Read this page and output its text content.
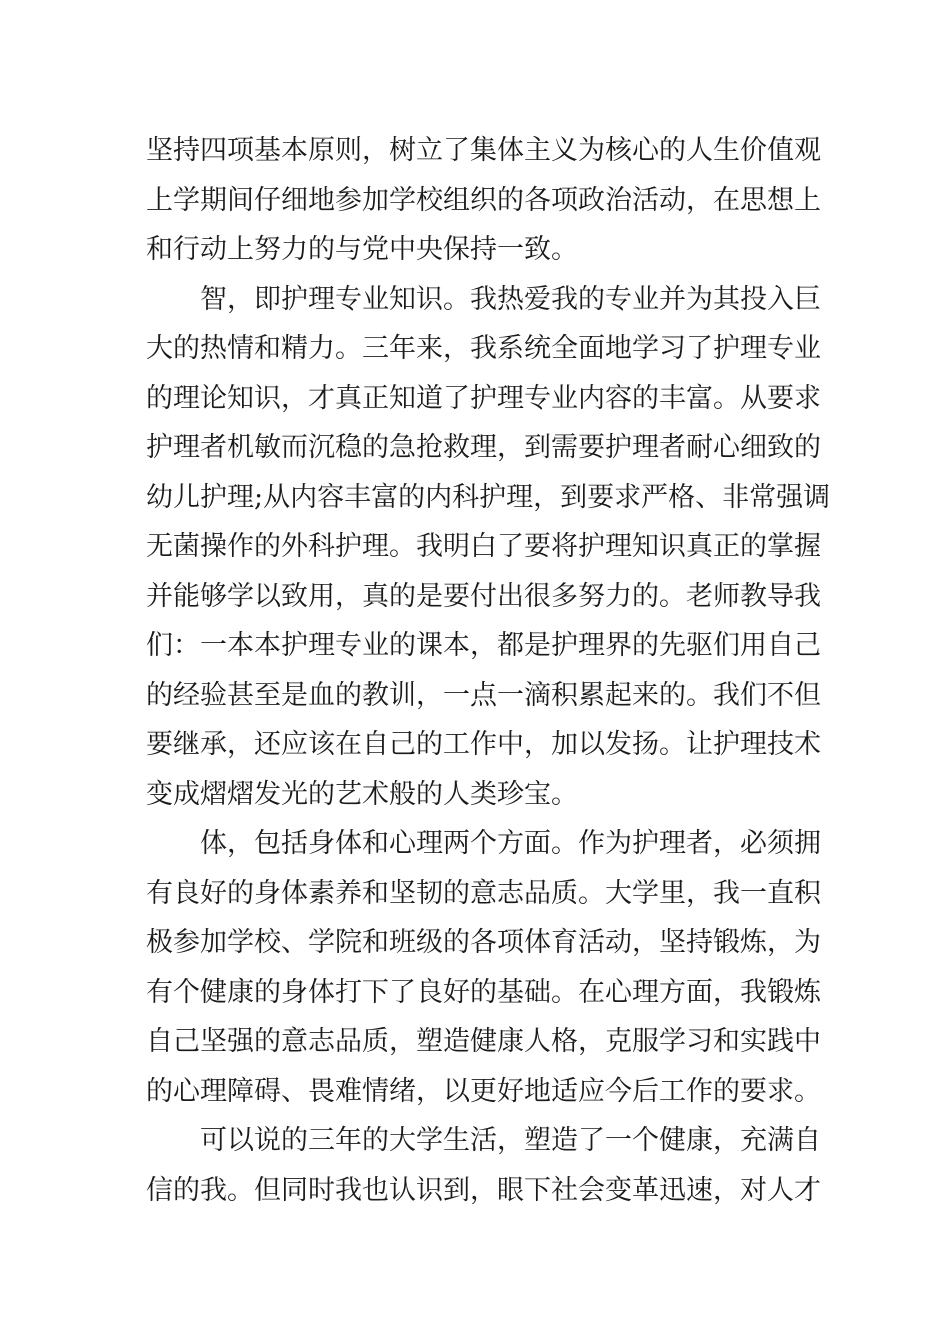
坚持四项基本原则，树立了集体主义为核心的人生价值观
上学期间仔细地参加学校组织的各项政治活动，在思想上
和行动上努力的与党中央保持一致。
智，即护理专业知识。我热爱我的专业并为其投入巨
大的热情和精力。三年来，我系统全面地学习了护理专业
的理论知识，才真正知道了护理专业内容的丰富。从要求
护理者机敏而沉稳的急抢救理，到需要护理者耐心细致的
幼儿护理;从内容丰富的内科护理，到要求严格、非常强调
无菌操作的外科护理。我明白了要将护理知识真正的掌握
并能够学以致用，真的是要付出很多努力的。老师教导我
们：一本本护理专业的课本，都是护理界的先驱们用自己
的经验甚至是血的教训，一点一滴积累起来的。我们不但
要继承，还应该在自己的工作中，加以发扬。让护理技术
变成熠熠发光的艺术般的人类珍宝。
体，包括身体和心理两个方面。作为护理者，必须拥
有良好的身体素养和坚韧的意志品质。大学里，我一直积
极参加学校、学院和班级的各项体育活动，坚持锻炼，为
有个健康的身体打下了良好的基础。在心理方面，我锻炼
自己坚强的意志品质，塑造健康人格，克服学习和实践中
的心理障碍、畏难情绪，以更好地适应今后工作的要求。
可以说的三年的大学生活，塑造了一个健康，充满自
信的我。但同时我也认识到，眼下社会变革迅速，对人才
